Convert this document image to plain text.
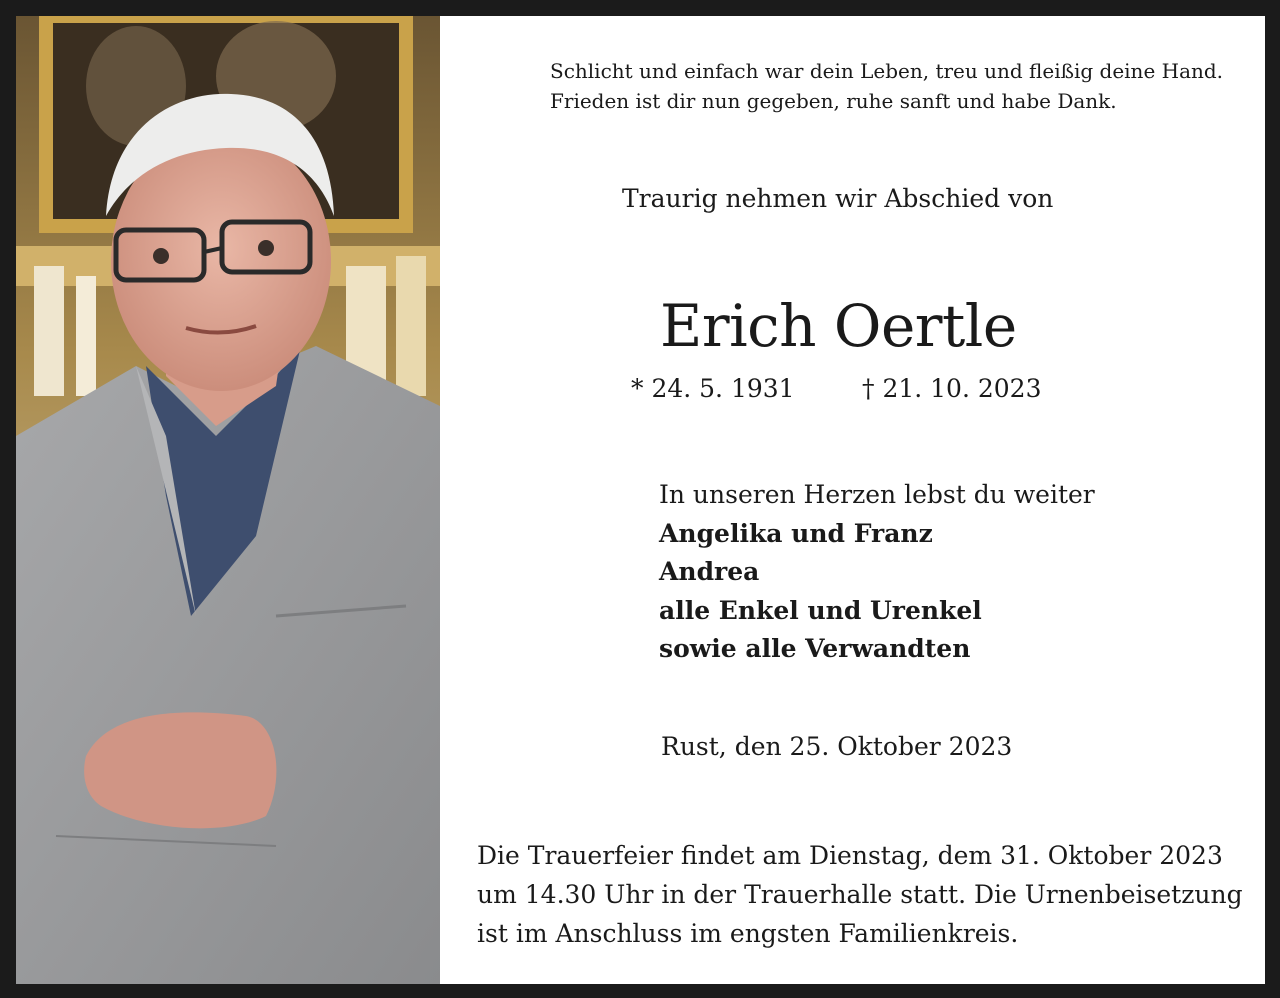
Schlicht und einfach war dein Leben, treu und fleißig deine Hand.
Frieden ist dir nun gegeben, ruhe sanft und habe Dank.
Traurig nehmen wir Abschied von
Erich Oertle
* 24. 5. 1931	† 21. 10. 2023
In unseren Herzen lebst du weiter
Angelika und Franz
Andrea
alle Enkel und Urenkel
sowie alle Verwandten
Rust, den 25. Oktober 2023
Die Trauerfeier findet am Dienstag, dem 31. Oktober 2023
um 14.30 Uhr in der Trauerhalle statt. Die Urnenbeisetzung
ist im Anschluss im engsten Familienkreis.
